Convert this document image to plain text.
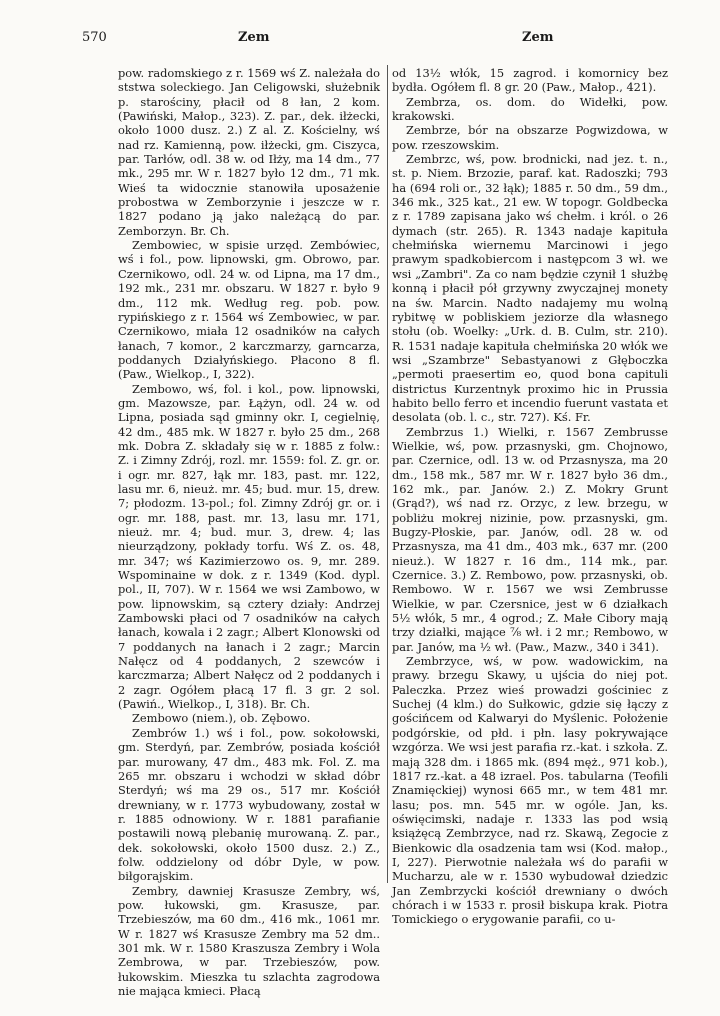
570	Zem	Zem

pow. radomskiego z r. 1569 wś Z. należała do ststwa soleckiego. Jan Celigowski, służebnik p. starościny, płacił od 8 łan, 2 kom. (Pawiński, Małop., 323). Z. par., dek. iłżecki, około 1000 dusz. 2.) Z al. Z. Kościelny, wś nad rz. Kamienną, pow. iłżecki, gm. Ciszyca, par. Tarłów, odl. 38 w. od Iłży, ma 14 dm., 77 mk., 295 mr. W r. 1827 było 12 dm., 71 mk. Wieś ta widocznie stanowiła uposażenie probostwa w Zemborzynie i jeszcze w r. 1827 podano ją jako należącą do par. Zemborzyn. Br. Ch.

Zembowiec, w spisie urzęd. Zembówiec, wś i fol., pow. lipnowski, gm. Obrowo, par. Czernikowo, odl. 24 w. od Lipna, ma 17 dm., 192 mk., 231 mr. obszaru. W 1827 r. było 9 dm., 112 mk. Według reg. pob. pow. rypińskiego z r. 1564 wś Zembowiec, w par. Czernikowo, miała 12 osadników na całych łanach, 7 komor., 2 karczmarzy, garncarza, poddanych Działyńskiego. Płacono 8 fl. (Paw., Wielkop., I, 322).

Zembowo, wś, fol. i kol., pow. lipnowski, gm. Mazowsze, par. Łążyn, odl. 24 w. od Lipna, posiada sąd gminny okr. I, cegielnię, 42 dm., 485 mk. W 1827 r. było 25 dm., 268 mk. Dobra Z. składały się w r. 1885 z folw.: Z. i Zimny Zdrój, rozl. mr. 1559: fol. Z. gr. or. i ogr. mr. 827, łąk mr. 183, past. mr. 122, lasu mr. 6, nieuż. mr. 45; bud. mur. 15, drew. 7; płodozm. 13-pol.; fol. Zimny Zdrój gr. or. i ogr. mr. 188, past. mr. 13, lasu mr. 171, nieuż. mr. 4; bud. mur. 3, drew. 4; las nieurządzony, pokłady torfu. Wś Z. os. 48, mr. 347; wś Kazimierzowo os. 9, mr. 289. Wspominaine w dok. z r. 1349 (Kod. dypl. pol., II, 707). W r. 1564 we wsi Zambowo, w pow. lipnowskim, są cztery działy: Andrzej Zambowski płaci od 7 osadników na całych łanach, kowala i 2 zagr.; Albert Klonowski od 7 poddanych na łanach i 2 zagr.; Marcin Nałęcz od 4 poddanych, 2 szewców i karczmarza; Albert Nałęcz od 2 poddanych i 2 zagr. Ogółem płacą 17 fl. 3 gr. 2 sol. (Pawiń., Wielkop., I, 318). Br. Ch.

Zembowo (niem.), ob. Zębowo.

Zembrów 1.) wś i fol., pow. sokołowski, gm. Sterdyń, par. Zembrów, posiada kościół par. murowany, 47 dm., 483 mk. Fol. Z. ma 265 mr. obszaru i wchodzi w skład dóbr Sterdyń; wś ma 29 os., 517 mr. Kościół drewniany, w r. 1773 wybudowany, został w r. 1885 odnowiony. W r. 1881 parafianie postawili nową plebanię murowaną. Z. par., dek. sokołowski, około 1500 dusz. 2.) Z., folw. oddzielony od dóbr Dyle, w pow. biłgorajskim.

Zembry, dawniej Krasusze Zembry, wś, pow. łukowski, gm. Krasusze, par. Trzebieszów, ma 60 dm., 416 mk., 1061 mr. W r. 1827 wś Krasusze Zembry ma 52 dm.. 301 mk. W r. 1580 Kraszusza Zembry i Wola Zembrowa, w par. Trzebieszów, pow. łukowskim. Mieszka tu szlachta zagrodowa nie mająca kmieci. Płacą

od 13½ włók, 15 zagrod. i komornicy bez bydła. Ogółem fl. 8 gr. 20 (Paw., Małop., 421).

Zembrza, os. dom. do Widełki, pow. krakowski.

Zembrze, bór na obszarze Pogwizdowa, w pow. rzeszowskim.

Zembrzc, wś, pow. brodnicki, nad jez. t. n., st. p. Niem. Brzozie, paraf. kat. Radoszki; 793 ha (694 roli or., 32 łąk); 1885 r. 50 dm., 59 dm., 346 mk., 325 kat., 21 ew. W topogr. Goldbecka z r. 1789 zapisana jako wś chełm. i król. o 26 dymach (str. 265). R. 1343 nadaje kapituła chełmińska wiernemu Marcinowi i jego prawym spadkobiercom i następcom 3 wł. we wsi „Zambri". Za co nam będzie czynił 1 służbę konną i płacił pół grzywny zwyczajnej monety na św. Marcin. Nadto nadajemy mu wolną rybitwę w pobliskiem jeziorze dla własnego stołu (ob. Woelky: „Urk. d. B. Culm, str. 210). R. 1531 nadaje kapituła chełmińska 20 włók we wsi „Szambrze" Sebastyanowi z Głęboczka „permoti praesertim eo, quod bona capituli districtus Kurzentnyk proximo hic in Prussia habito bello ferro et incendio fuerunt vastata et desolata (ob. l. c., str. 727). Kś. Fr.

Zembrzus 1.) Wielki, r. 1567 Zembrusse Wielkie, wś, pow. przasnyski, gm. Chojnowo, par. Czernice, odl. 13 w. od Przasnysza, ma 20 dm., 158 mk., 587 mr. W r. 1827 było 36 dm., 162 mk., par. Janów. 2.) Z. Mokry Grunt (Grąd?), wś nad rz. Orzyc, z lew. brzegu, w pobliżu mokrej nizinie, pow. przasnyski, gm. Bugzy-Płoskie, par. Janów, odl. 28 w. od Przasnysza, ma 41 dm., 403 mk., 637 mr. (200 nieuż.). W 1827 r. 16 dm., 114 mk., par. Czernice. 3.) Z. Rembowo, pow. przasnyski, ob. Rembowo. W r. 1567 we wsi Zembrusse Wielkie, w par. Czersnice, jest w 6 działkach 5½ włók, 5 mr., 4 ogrod.; Z. Małe Cibory mają trzy działki, mające ⅞ wł. i 2 mr.; Rembowo, w par. Janów, ma ½ wł. (Paw., Mazw., 340 i 341).

Zembrzyce, wś, w pow. wadowickim, na prawy. brzegu Skawy, u ujścia do niej pot. Paleczka. Przez wieś prowadzi gościniec z Suchej (4 klm.) do Sułkowic, gdzie się łączy z gościńcem od Kalwaryi do Myślenic. Położenie podgórskie, od płd. i płn. lasy pokrywające wzgórza. We wsi jest parafia rz.-kat. i szkoła. Z. mają 328 dm. i 1865 mk. (894 męż., 971 kob.), 1817 rz.-kat. a 48 izrael. Pos. tabularna (Teofili Znamięckiej) wynosi 665 mr., w tem 481 mr. lasu; pos. mn. 545 mr. w ogóle. Jan, ks. oświęcimski, nadaje r. 1333 las pod wsią książęcą Zembrzyce, nad rz. Skawą, Zegocie z Bienkowic dla osadzenia tam wsi (Kod. małop., I, 227). Pierwotnie należała wś do parafii w Mucharzu, ale w r. 1530 wybudował dziedzic Jan Zembrzycki kościół drewniany o dwóch chórach i w 1533 r. prosił biskupa krak. Piotra Tomickiego o erygowanie parafii, co u-
